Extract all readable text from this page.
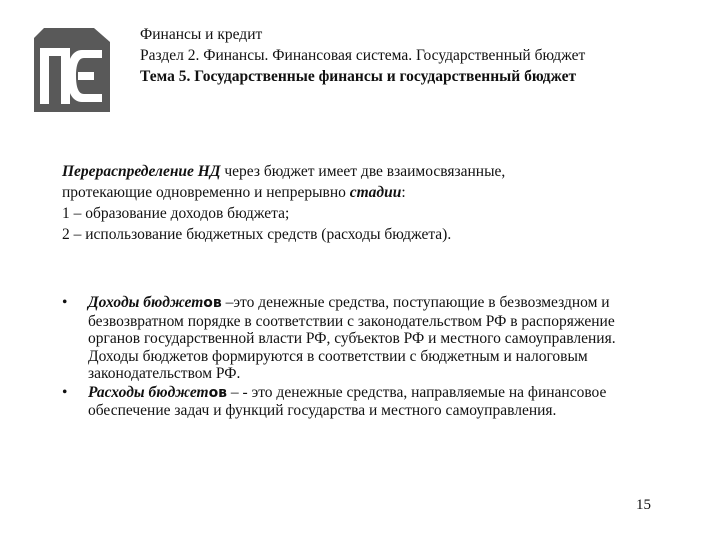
Финансы и кредит
Раздел 2. Финансы. Финансовая система. Государственный бюджет
Тема 5. Государственные финансы и государственный бюджет
Перераспределение НД через бюджет имеет две взаимосвязанные, протекающие одновременно и непрерывно стадии:
1 – образование доходов бюджета;
2 – использование бюджетных средств (расходы бюджета).
• Доходы бюджетов –это денежные средства, поступающие в безвозмездном и безвозвратном порядке в соответствии с законодательством РФ в распоряжение органов государственной власти РФ, субъектов РФ и местного самоуправления. Доходы бюджетов формируются в соответствии с бюджетным и налоговым законодательством РФ.
• Расходы бюджетов – - это денежные средства, направляемые на финансовое обеспечение задач и функций государства и местного самоуправления.
15
